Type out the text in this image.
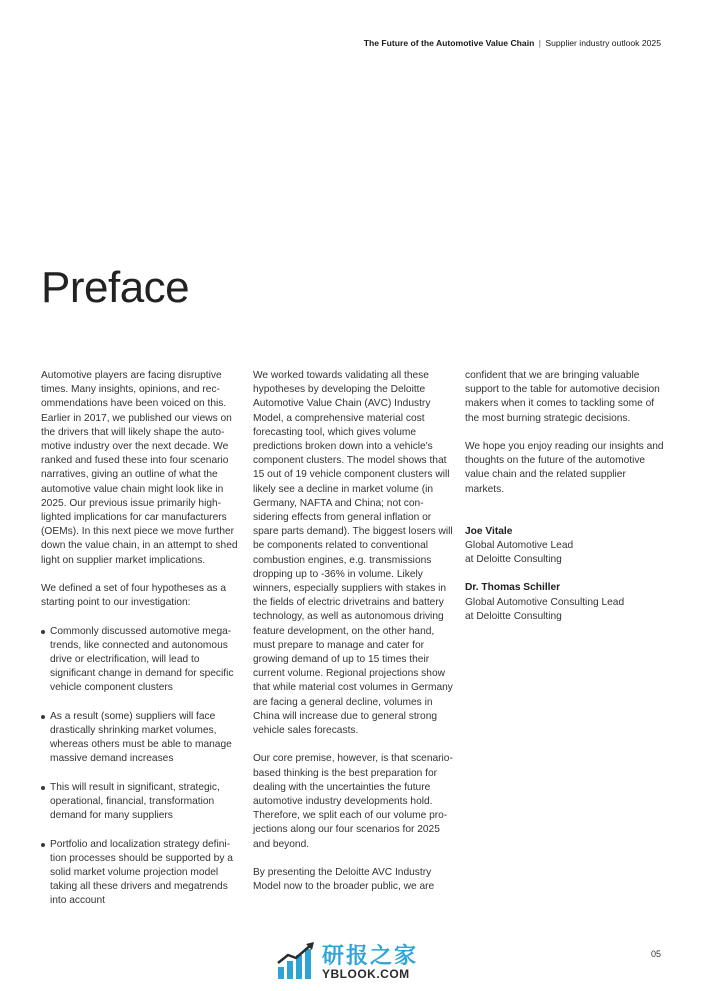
The Future of the Automotive Value Chain | Supplier industry outlook 2025
Preface

Automotive players are facing disruptive times. Many insights, opinions, and recommendations have been voiced on this. Earlier in 2017, we published our views on the drivers that will likely shape the automotive industry over the next decade. We ranked and fused these into four scenario narratives, giving an outline of what the automotive value chain might look like in 2025. Our previous issue primarily highlighted implications for car manufacturers (OEMs). In this next piece we move further down the value chain, in an attempt to shed light on supplier market implications.

We defined a set of four hypotheses as a starting point to our investigation:

Commonly discussed automotive mega-trends, like connected and autonomous drive or electrification, will lead to significant change in demand for specific vehicle component clusters
As a result (some) suppliers will face drastically shrinking market volumes, whereas others must be able to manage massive demand increases
This will result in significant, strategic, operational, financial, transformation demand for many suppliers
Portfolio and localization strategy definition processes should be supported by a solid market volume projection model taking all these drivers and megatrends into account

We worked towards validating all these hypotheses by developing the Deloitte Automotive Value Chain (AVC) Industry Model, a comprehensive material cost forecasting tool, which gives volume predictions broken down into a vehicle's component clusters. The model shows that 15 out of 19 vehicle component clusters will likely see a decline in market volume (in Germany, NAFTA and China; not considering effects from general inflation or spare parts demand). The biggest losers will be components related to conventional combustion engines, e.g. transmissions dropping up to -36% in volume. Likely winners, especially suppliers with stakes in the fields of electric drivetrains and battery technology, as well as autonomous driving feature development, on the other hand, must prepare to manage and cater for growing demand of up to 15 times their current volume. Regional projections show that while material cost volumes in Germany are facing a general decline, volumes in China will increase due to general strong vehicle sales forecasts.

Our core premise, however, is that scenario-based thinking is the best preparation for dealing with the uncertainties the future automotive industry developments hold. Therefore, we split each of our volume projections along our four scenarios for 2025 and beyond.

By presenting the Deloitte AVC Industry Model now to the broader public, we are

confident that we are bringing valuable support to the table for automotive decision makers when it comes to tackling some of the most burning strategic decisions.

We hope you enjoy reading our insights and thoughts on the future of the automotive value chain and the related supplier markets.

Joe Vitale
Global Automotive Lead
at Deloitte Consulting
Dr. Thomas Schiller
Global Automotive Consulting Lead
at Deloitte Consulting
研报之家
YBLOOK.COM
05
